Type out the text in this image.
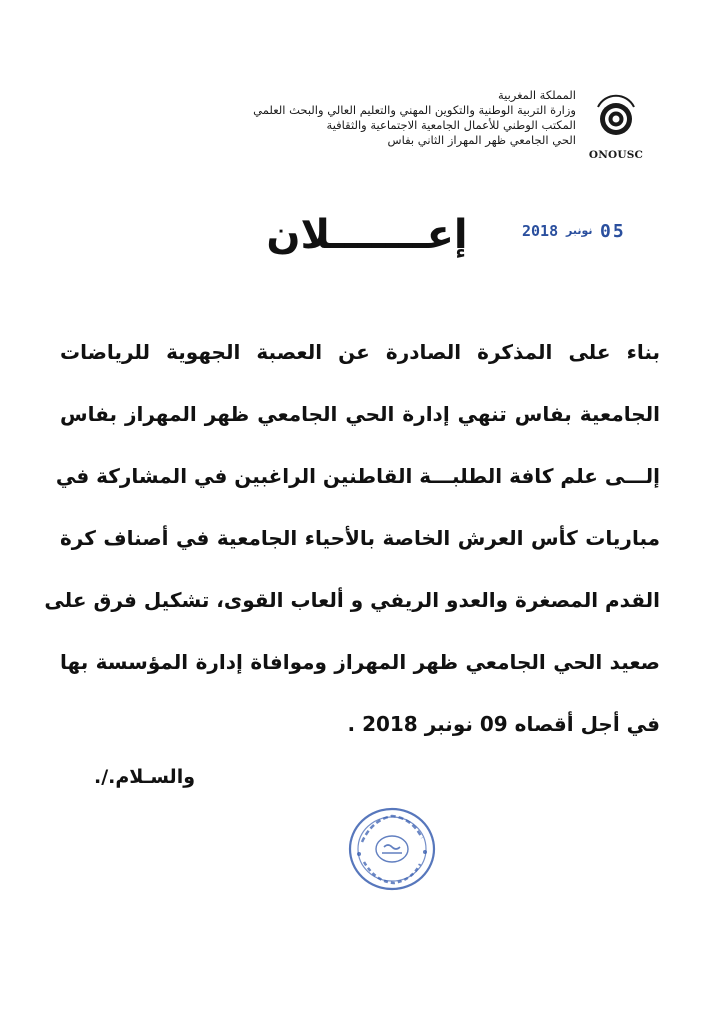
المملكة المغربية
وزارة التربية الوطنية والتكوين المهني والتعليم العالي والبحث العلمي
المكتب الوطني للأعمال الجامعية الاجتماعية والثقافية
الحي الجامعي ظهر المهراز الثاني بفاس
ONOUSC
2018 نونبر 05
إعـــــــلان
بناء على المذكرة الصادرة عن العصبة الجهوية للرياضات
الجامعية بفاس تنهي إدارة الحي الجامعي ظهر المهراز بفاس
إلـــى علم كافة الطلبـــة القاطنين الراغبين في المشاركة في
مباريات كأس العرش الخاصة بالأحياء الجامعية في أصناف كرة
القدم المصغرة والعدو الريفي و ألعاب القوى، تشكيل فرق على
صعيد الحي الجامعي ظهر المهراز وموافاة إدارة المؤسسة بها
في أجل أقصاه 09 نونبر 2018 .
والسـلام./.
